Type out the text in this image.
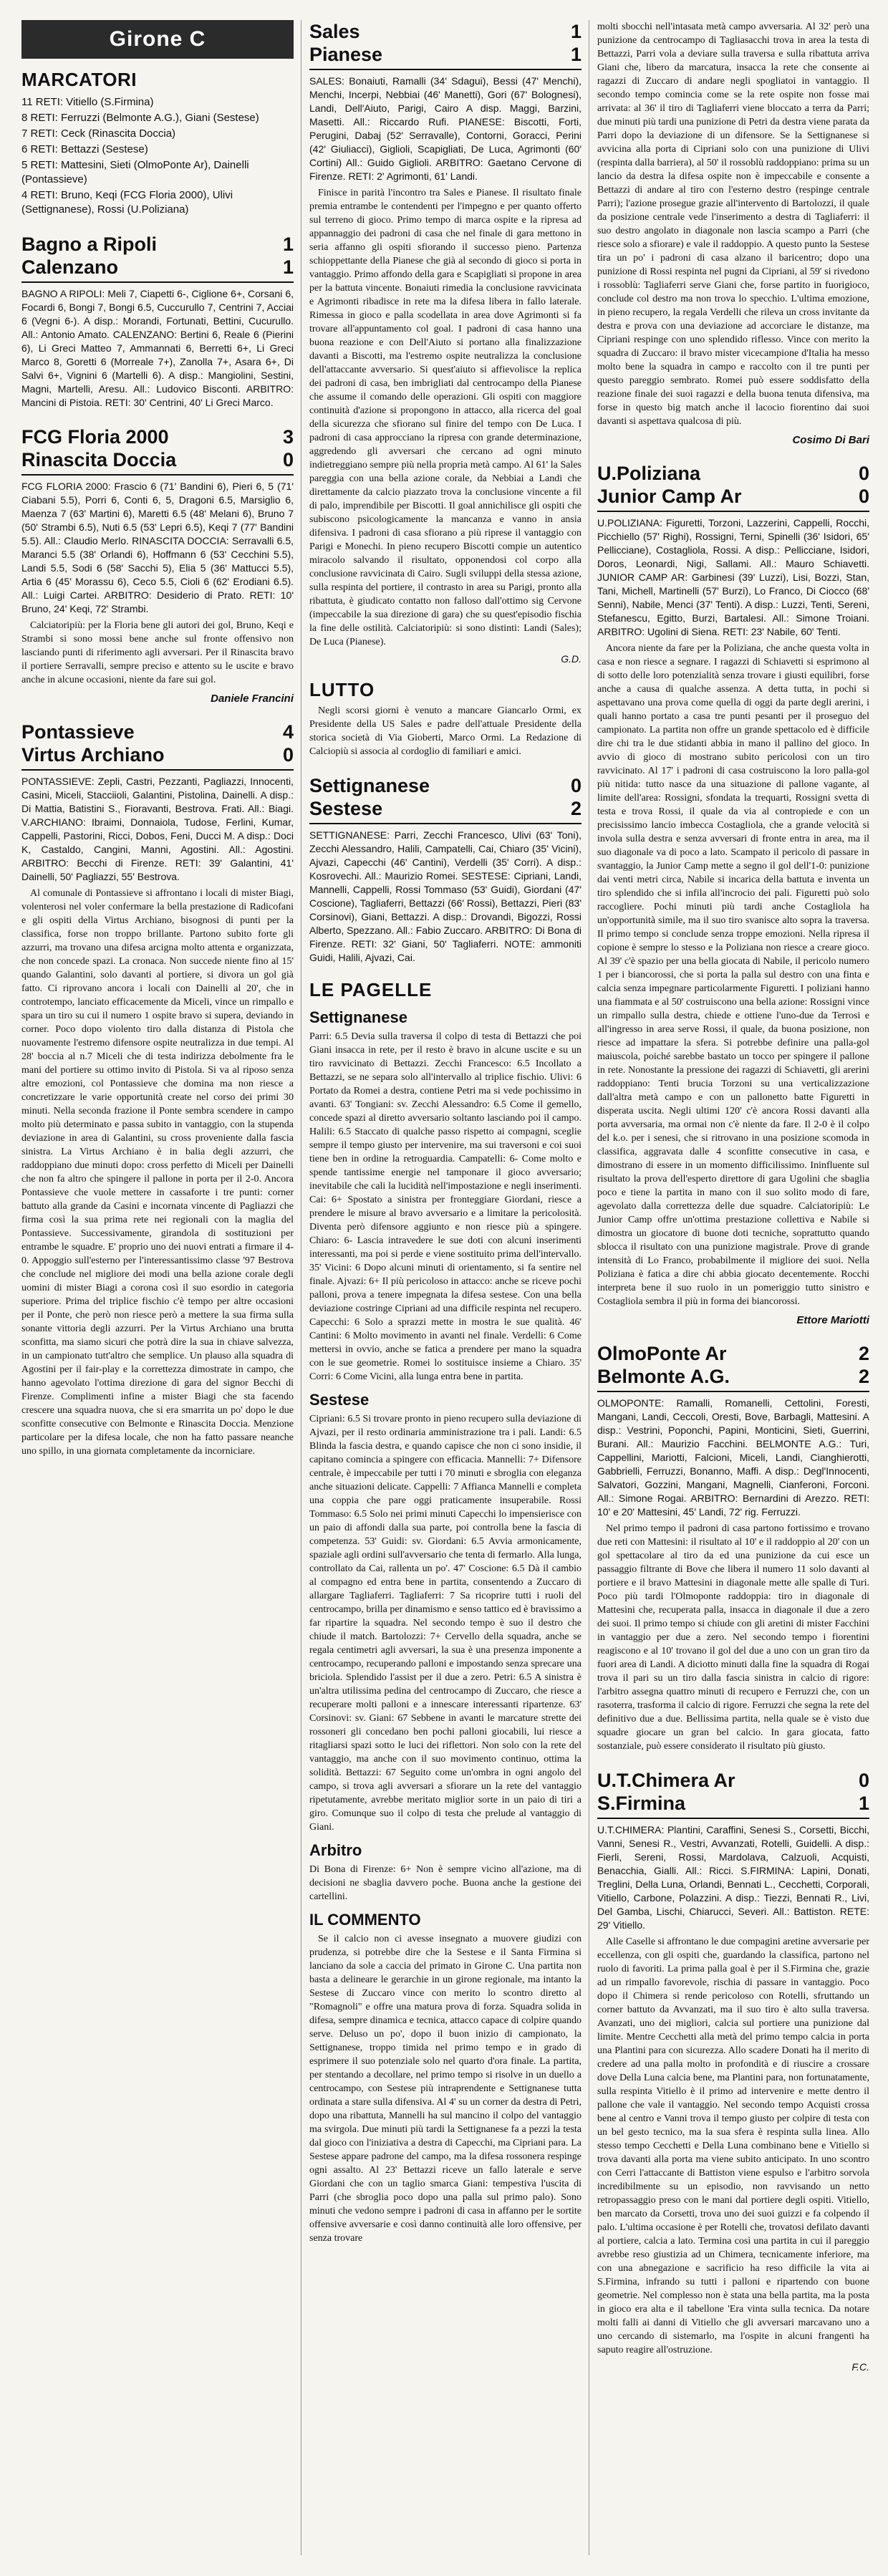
Girone C
MARCATORI
11 RETI: Vitiello (S.Firmina)
8 RETI: Ferruzzi (Belmonte A.G.), Giani (Sestese)
7 RETI: Ceck (Rinascita Doccia)
6 RETI: Bettazzi (Sestese)
5 RETI: Mattesini, Sieti (OlmoPonte Ar), Dainelli (Pontassieve)
4 RETI: Bruno, Keqi (FCG Floria 2000), Ulivi (Settignanese), Rossi (U.Poliziana)
Bagno a Ripoli	1
Calenzano	1
BAGNO A RIPOLI: Meli 7, Ciapetti 6-, Ciglione 6+, Corsani 6, Focardi 6, Bongi 7, Bongi 6.5, Cuccurullo 7, Centrini 7, Acciai 6 (Vegni 6-). A disp.: Morandi, Fortunati, Bettini, Cucurullo. All.: Antonio Amato. CALENZANO: Bertini 6, Reale 6 (Pierini 6), Li Greci Matteo 7, Ammannati 6, Berretti 6+, Li Greci Marco 8, Goretti 6 (Morreale 7+), Zanolla 7+, Asara 6+, Di Salvi 6+, Vignini 6 (Martelli 6). A disp.: Mangiolini, Sestini, Magni, Martelli, Aresu. All.: Ludovico Bisconti. ARBITRO: Mancini di Pistoia. RETI: 30' Centrini, 40' Li Greci Marco.
FCG Floria 2000	3
Rinascita Doccia	0
FCG FLORIA 2000: Frascio 6 (71' Bandini 6), Pieri 6, 5 (71' Ciabani 5.5), Porri 6, Conti 6, 5, Dragoni 6.5, Marsiglio 6, Maenza 7 (63' Martini 6), Maretti 6.5 (48' Melani 6), Bruno 7 (50' Strambi 6.5), Nuti 6.5 (53' Lepri 6.5), Keqi 7 (77' Bandini 5.5). All.: Claudio Merlo. RINASCITA DOCCIA: Serravalli 6.5, Maranci 5.5 (38' Orlandi 6), Hoffmann 6 (53' Cecchini 5.5), Landi 5.5, Sodi 6 (58' Sacchi 5), Elia 5 (36' Mattucci 5.5), Artia 6 (45' Morassu 6), Ceco 5.5, Cioli 6 (62' Erodiani 6.5). All.: Luigi Cartei. ARBITRO: Desiderio di Prato. RETI: 10' Bruno, 24' Keqi, 72' Strambi.

Calciatoripiù: per la Floria bene gli autori dei gol, Bruno, Keqi e Strambi si sono mossi bene anche sul fronte offensivo non lasciando punti di riferimento agli avversari. Per il Rinascita bravo il portiere Serravalli, sempre preciso e attento su le uscite e bravo anche in alcune occasioni, niente da fare sui gol.

Daniele Francini
Pontassieve	4
Virtus Archiano	0
PONTASSIEVE: Zepli, Castri, Pezzanti, Pagliazzi, Innocenti, Casini, Miceli, Stacciioli, Galantini, Pistolina, Dainelli. A disp.: Di Mattia, Batistini S., Fioravanti, Bestrova. Frati. All.: Biagi. V.ARCHIANO: Ibraimi, Donnaiola, Tudose, Ferlini, Kumar, Cappelli, Pastorini, Ricci, Dobos, Feni, Ducci M. A disp.: Doci K, Castaldo, Cangini, Manni, Agostini. All.: Agostini. ARBITRO: Becchi di Firenze. RETI: 39' Galantini, 41' Dainelli, 50' Pagliazzi, 55' Bestrova.

Al comunale di Pontassieve si affrontano i locali di mister Biagi, volenterosi nel voler confermare la bella prestazione di Radicofani e gli ospiti della Virtus Archiano, bisognosi di punti per la classifica, forse non troppo brillante. Partono subito forte gli azzurri, ma trovano una difesa arcigna molto attenta e organizzata, che non concede spazi. La cronaca. Non succede niente fino al 15' quando Galantini, solo davanti al portiere, si divora un gol già fatto. Ci riprovano ancora i locali con Dainelli al 20', che in controtempo, lanciato efficacemente da Miceli, vince un rimpallo e spara un tiro su cui il numero 1 ospite bravo si supera, deviando in corner. Poco dopo violento tiro dalla distanza di Pistola che nuovamente l'estremo difensore ospite neutralizza in due tempi. Al 28' boccia al n.7 Miceli che di testa indirizza debolmente fra le mani del portiere su ottimo invito di Pistola. Si va al riposo senza altre emozioni, col Pontassieve che domina ma non riesce a concretizzare le varie opportunità create nel corso dei primi 30 minuti. Nella seconda frazione il Ponte sembra scendere in campo molto più determinato e passa subito in vantaggio, con la stupenda deviazione in area di Galantini, su cross proveniente dalla fascia sinistra. La Virtus Archiano è in balia degli azzurri, che raddoppiano due minuti dopo: cross perfetto di Miceli per Dainelli che non fa altro che spingere il pallone in porta per il 2-0. Ancora Pontassieve che vuole mettere in cassaforte i tre punti: corner battuto alla grande da Casini e incornata vincente di Pagliazzi che firma così la sua prima rete nei regionali con la maglia del Pontassieve. Successivamente, girandola di sostituzioni per entrambe le squadre. E' proprio uno dei nuovi entrati a firmare il 4-0. Appoggio sull'esterno per l'interessantissimo classe '97 Bestrova che conclude nel migliore dei modi una bella azione corale degli uomini di mister Biagi a corona così il suo esordio in categoria superiore. Prima del triplice fischio c'è tempo per altre occasioni per il Ponte, che però non riesce però a mettere la sua firma sulla sonante vittoria degli azzurri. Per la Virtus Archiano una brutta sconfitta, ma siamo sicuri che potrà dire la sua in chiave salvezza, in un campionato tutt'altro che semplice. Un plauso alla squadra di Agostini per il fair-play e la correttezza dimostrate in campo, che hanno agevolato l'ottima direzione di gara del signor Becchi di Firenze. Complimenti infine a mister Biagi che sta facendo crescere una squadra nuova, che si era smarrita un po' dopo le due sconfitte consecutive con Belmonte e Rinascita Doccia. Menzione particolare per la difesa locale, che non ha fatto passare neanche uno spillo, in una giornata completamente da incorniciare.

Sales	1
Pianese	1
SALES: Bonaiuti, Ramalli (34' Sdagui), Bessi (47' Menchi), Menchi, Incerpi, Nebbiai (46' Manetti), Gori (67' Bolognesi), Landi, Dell'Aiuto, Parigi, Cairo A disp. Maggi, Barzini, Masetti. All.: Riccardo Rufi. PIANESE: Biscotti, Forti, Perugini, Dabaj (52' Serravalle), Contorni, Goracci, Perini (42' Giuliacci), Giglioli, Scapigliati, De Luca, Agrimonti (60' Cortini) All.: Guido Giglioli. ARBITRO: Gaetano Cervone di Firenze. RETI: 2' Agrimonti, 61' Landi.

Finisce in parità l'incontro tra Sales e Pianese. Il risultato finale premia entrambe le contendenti per l'impegno e per quanto offerto sul terreno di gioco. Primo tempo di marca ospite e la ripresa ad appannaggio dei padroni di casa che nel finale di gara mettono in seria affanno gli ospiti sfiorando il successo pieno. Partenza schioppettante della Pianese che già al secondo di gioco si porta in vantaggio. Primo affondo della gara e Scapigliati si propone in area per la battuta vincente. Bonaiuti rimedia la conclusione ravvicinata e Agrimonti ribadisce in rete ma la difesa libera in fallo laterale. Rimessa in gioco e palla scodellata in area dove Agrimonti si fa trovare all'appuntamento col goal. I padroni di casa hanno una buona reazione e con Dell'Aiuto si portano alla finalizzazione davanti a Biscotti, ma l'estremo ospite neutralizza la conclusione dell'attaccante avversario. Si quest'aiuto si affievolisce la replica dei padroni di casa, ben imbrigliati dal centrocampo della Pianese che assume il comando delle operazioni. Gli ospiti con maggiore continuità d'azione si propongono in attacco, alla ricerca del goal della sicurezza che sfiorano sul finire del tempo con De Luca. I padroni di casa approcciano la ripresa con grande determinazione, aggredendo gli avversari che cercano ad ogni minuto indietreggiano sempre più nella propria metà campo. Al 61' la Sales pareggia con una bella azione corale, da Nebbiai a Landi che direttamente da calcio piazzato trova la conclusione vincente a fil di palo, imprendibile per Biscotti. Il goal annichilisce gli ospiti che subiscono psicologicamente la mancanza e vanno in ansia difensiva. I padroni di casa sfiorano a più riprese il vantaggio con Parigi e Monechi. In pieno recupero Biscotti compie un autentico miracolo salvando il risultato, opponendosi col corpo alla conclusione ravvicinata di Cairo. Sugli sviluppi della stessa azione, sulla respinta del portiere, il contrasto in area su Parigi, pronto alla ribattuta, è giudicato contatto non falloso dall'ottimo sig Cervone (impeccabile la sua direzione di gara) che su quest'episodio fischia la fine delle ostilità. Calciatoripiù: si sono distinti: Landi (Sales); De Luca (Pianese).

G.D.
LUTTO

Negli scorsi giorni è venuto a mancare Giancarlo Ormi, ex Presidente della US Sales e padre dell'attuale Presidente della storica società di Via Gioberti, Marco Ormi. La Redazione di Calciopiù si associa al cordoglio di familiari e amici.

Settignanese	0
Sestese	2
SETTIGNANESE: Parri, Zecchi Francesco, Ulivi (63' Toni), Zecchi Alessandro, Halili, Campatelli, Cai, Chiaro (35' Vicini), Ajvazi, Capecchi (46' Cantini), Verdelli (35' Corri). A disp.: Kosrovechi. All.: Maurizio Romei. SESTESE: Cipriani, Landi, Mannelli, Cappelli, Rossi Tommaso (53' Guidi), Giordani (47' Coscione), Tagliaferri, Bettazzi (66' Rossi), Bettazzi, Pieri (83' Corsinovi), Giani, Bettazzi. A disp.: Drovandi, Bigozzi, Rossi Alberto, Spezzano. All.: Fabio Zuccaro. ARBITRO: Di Bona di Firenze. RETI: 32' Giani, 50' Tagliaferri. NOTE: ammoniti Guidi, Halili, Ajvazi, Cai.
LE PAGELLE
Settignanese

Parri: 6.5 Devia sulla traversa il colpo di testa di Bettazzi che poi Giani insacca in rete, per il resto è bravo in alcune uscite e su un tiro ravvicinato di Bettazzi. Zecchi Francesco: 6.5 Incollato a Bettazzi, se ne separa solo all'intervallo al triplice fischio. Ulivi: 6 Portato da Romei a destra, contiene Petri ma si vede pochissimo in avanti. 63' Tongiani: sv. Zecchi Alessandro: 6.5 Come il gemello, concede spazi al diretto avversario soltanto lasciando poi il campo. Halili: 6.5 Staccato di qualche passo rispetto ai compagni, sceglie sempre il tempo giusto per intervenire, ma sui traversoni e coi suoi tiene ben in ordine la retroguardia. Campatelli: 6- Come molto e spende tantissime energie nel tamponare il gioco avversario; inevitabile che cali la lucidità nell'impostazione e negli inserimenti. Cai: 6+ Spostato a sinistra per fronteggiare Giordani, riesce a prendere le misure al bravo avversario e a limitare la pericolosità. Diventa però difensore aggiunto e non riesce più a spingere. Chiaro: 6- Lascia intravedere le sue doti con alcuni inserimenti interessanti, ma poi si perde e viene sostituito prima dell'intervallo. 35' Vicini: 6 Dopo alcuni minuti di orientamento, si fa sentire nel finale. Ajvazi: 6+ Il più pericoloso in attacco: anche se riceve pochi palloni, prova a tenere impegnata la difesa sestese. Con una bella deviazione costringe Cipriani ad una difficile respinta nel recupero. Capecchi: 6 Solo a sprazzi mette in mostra le sue qualità. 46' Cantini: 6 Molto movimento in avanti nel finale. Verdelli: 6 Come mettersi in ovvio, anche se fatica a prendere per mano la squadra con le sue geometrie. Romei lo sostituisce insieme a Chiaro. 35' Corri: 6 Come Vicini, alla lunga entra bene in partita.

Sestese

Cipriani: 6.5 Si trovare pronto in pieno recupero sulla deviazione di Ajvazi, per il resto ordinaria amministrazione tra i pali. Landi: 6.5 Blinda la fascia destra, e quando capisce che non ci sono insidie, il capitano comincia a spingere con efficacia. Mannelli: 7+ Difensore centrale, è impeccabile per tutti i 70 minuti e sbroglia con eleganza anche situazioni delicate. Cappelli: 7 Affianca Mannelli e completa una coppia che pare oggi praticamente insuperabile. Rossi Tommaso: 6.5 Solo nei primi minuti Capecchi lo impensierisce con un paio di affondi dalla sua parte, poi controlla bene la fascia di competenza. 53' Guidi: sv. Giordani: 6.5 Avvia armonicamente, spaziale agli ordini sull'avversario che tenta di fermarlo. Alla lunga, controllato da Cai, rallenta un po'. 47' Coscione: 6.5 Dà il cambio al compagno ed entra bene in partita, consentendo a Zuccaro di allargare Tagliaferri. Tagliaferri: 7 Sa ricoprire tutti i ruoli del centrocampo, brilla per dinamismo e senso tattico ed è bravissimo a far ripartire la squadra. Nel secondo tempo è suo il destro che chiude il match. Bartolozzi: 7+ Cervello della squadra, anche se regala centimetri agli avversari, la sua è una presenza imponente a centrocampo, recuperando palloni e impostando senza sprecare una briciola. Splendido l'assist per il due a zero. Petri: 6.5 A sinistra è un'altra utilissima pedina del centrocampo di Zuccaro, che riesce a recuperare molti palloni e a innescare interessanti ripartenze. 63' Corsinovi: sv. Giani: 67 Sebbene in avanti le marcature strette dei rossoneri gli concedano ben pochi palloni giocabili, lui riesce a ritagliarsi spazi sotto le luci dei riflettori. Non solo con la rete del vantaggio, ma anche con il suo movimento continuo, ottima la solidità. Bettazzi: 67 Seguito come un'ombra in ogni angolo del campo, si trova agli avversari a sfiorare un la rete del vantaggio ripetutamente, avrebbe meritato miglior sorte in un paio di tiri a giro. Comunque suo il colpo di testa che prelude al vantaggio di Giani.

Arbitro

Di Bona di Firenze: 6+ Non è sempre vicino all'azione, ma di decisioni ne sbaglia davvero poche. Buona anche la gestione dei cartellini.

IL COMMENTO

Se il calcio non ci avesse insegnato a muovere giudizi con prudenza, si potrebbe dire che la Sestese e il Santa Firmina si lanciano da sole a caccia del primato in Girone C. Una partita non basta a delineare le gerarchie in un girone regionale, ma intanto la Sestese di Zuccaro vince con merito lo scontro diretto al "Romagnoli" e offre una matura prova di forza. Squadra solida in difesa, sempre dinamica e tecnica, attacco capace di colpire quando serve. Deluso un po', dopo il buon inizio di campionato, la Settignanese, troppo timida nel primo tempo e in grado di esprimere il suo potenziale solo nel quarto d'ora finale. La partita, per stentando a decollare, nel primo tempo si risolve in un duello a centrocampo, con Sestese più intraprendente e Settignanese tutta ordinata a stare sulla difensiva. Al 4' su un corner da destra di Petri, dopo una ribattuta, Mannelli ha sul mancino il colpo del vantaggio ma svirgola. Due minuti più tardi la Settignanese fa a pezzi la testa dal gioco con l'iniziativa a destra di Capecchi, ma Cipriani para. La Sestese appare padrone del campo, ma la difesa rossonera respinge ogni assalto. Al 23' Bettazzi riceve un fallo laterale e serve Giordani che con un taglio smarca Giani: tempestiva l'uscita di Parri (che sbroglia poco dopo una palla sul primo palo). Sono minuti che vedono sempre i padroni di casa in affanno per le sortite offensive avversarie e così danno continuità alle loro offensive, per senza trovare

molti sbocchi nell'intasata metà campo avversaria. Al 32' però una punizione da centrocampo di Tagliasacchi trova in area la testa di Bettazzi, Parri vola a deviare sulla traversa e sulla ribattuta arriva Giani che, libero da marcatura, insacca la rete che consente ai ragazzi di Zuccaro di andare negli spogliatoi in vantaggio. Il secondo tempo comincia come se la rete ospite non fosse mai arrivata: al 36' il tiro di Tagliaferri viene bloccato a terra da Parri; due minuti più tardi una punizione di Petri da destra viene parata da Parri dopo la deviazione di un difensore. Se la Settignanese si avvicina alla porta di Cipriani solo con una punizione di Ulivi (respinta dalla barriera), al 50' il rossoblù raddoppiano: prima su un lancio da destra la difesa ospite non è impeccabile e consente a Bettazzi di andare al tiro con l'esterno destro (respinge centrale Parri); l'azione prosegue grazie all'intervento di Bartolozzi, il quale da posizione centrale vede l'inserimento a destra di Tagliaferri: il suo destro angolato in diagonale non lascia scampo a Parri (che riesce solo a sfiorare) e vale il raddoppio. A questo punto la Sestese tira un po' i padroni di casa alzano il baricentro; dopo una punizione di Rossi respinta nel pugni da Cipriani, al 59' si rivedono i rossoblù: Tagliaferri serve Giani che, forse partito in fuorigioco, conclude col destro ma non trova lo specchio. L'ultima emozione, in pieno recupero, la regala Verdelli che rileva un cross invitante da destra e prova con una deviazione ad accorciare le distanze, ma Cipriani respinge con uno splendido riflesso. Vince con merito la squadra di Zuccaro: il bravo mister vicecampione d'Italia ha messo molto bene la squadra in campo e raccolto con il tre punti per questo pareggio sembrato. Romei può essere soddisfatto della reazione finale dei suoi ragazzi e della buona tenuta difensiva, ma forse in questo big match anche il lacocio fiorentino dai suoi davanti si aspettava qualcosa di più.

Cosimo Di Bari
U.Poliziana	0
Junior Camp Ar	0
U.POLIZIANA: Figuretti, Torzoni, Lazzerini, Cappelli, Rocchi, Picchiello (57' Righi), Rossigni, Terni, Spinelli (36' Isidori, 65' Pellicciane), Costagliola, Rossi. A disp.: Pellicciane, Isidori, Doros, Leonardi, Nigi, Sallami. All.: Mauro Schiavetti. JUNIOR CAMP AR: Garbinesi (39' Luzzi), Lisi, Bozzi, Stan, Tani, Michell, Martinelli (57' Burzi), Lo Franco, Di Ciocco (68' Senni), Nabile, Menci (37' Tenti). A disp.: Luzzi, Tenti, Sereni, Stefanescu, Egitto, Burzi, Bartalesi. All.: Simone Troiani. ARBITRO: Ugolini di Siena. RETI: 23' Nabile, 60' Tenti.

Ancora niente da fare per la Poliziana, che anche questa volta in casa e non riesce a segnare. I ragazzi di Schiavetti si esprimono al di sotto delle loro potenzialità senza trovare i giusti equilibri, forse anche a causa di qualche assenza. A detta tutta, in pochi si aspettavano una prova come quella di oggi da parte degli arerini, i quali hanno portato a casa tre punti pesanti per il proseguo del campionato. La partita non offre un grande spettacolo ed è difficile dire chi tra le due stidanti abbia in mano il pallino del gioco. In avvio di gioco di mostrano subito pericolosi con un tiro ravvicinato. Al 17' i padroni di casa costruiscono la loro palla-gol più nitida: tutto nasce da una situazione di pallone vagante, al limite dell'area: Rossigni, sfondata la trequarti, Rossigni svetta di testa e trova Rossi, il quale da via al contropiede e con un precisissimo lancio imbecca Costagliola, che a grande velocità si invola sulla destra e senza avversari di fronte entra in area, ma il suo diagonale va di poco a lato. Scampato il pericolo di passare in svantaggio, la Junior Camp mette a segno il gol dell'1-0: punizione dai venti metri circa, Nabile si incarica della battuta e inventa un tiro splendido che si infila all'incrocio dei pali. Figuretti può solo raccogliere. Pochi minuti più tardi anche Costagliola ha un'opportunità simile, ma il suo tiro svanisce alto sopra la traversa. Il primo tempo si conclude senza troppe emozioni. Nella ripresa il copione è sempre lo stesso e la Poliziana non riesce a creare gioco. Al 39' c'è spazio per una bella giocata di Nabile, il pericolo numero 1 per i biancorossi, che si porta la palla sul destro con una finta e calcia senza impegnare particolarmente Figuretti. I poliziani hanno una fiammata e al 50' costruiscono una bella azione: Rossigni vince un rimpallo sulla destra, chiede e ottiene l'uno-due da Terrosi e all'ingresso in area serve Rossi, il quale, da buona posizione, non riesce ad impattare la sfera. Si potrebbe definire una palla-gol maiuscola, poiché sarebbe bastato un tocco per spingere il pallone in rete. Nonostante la pressione dei ragazzi di Schiavetti, gli arerini raddoppiano: Tenti brucia Torzoni su una verticalizzazione dall'altra metà campo e con un pallonetto batte Figuretti in disperata uscita. Negli ultimi 120' c'è ancora Rossi davanti alla porta avversaria, ma ormai non c'è niente da fare. Il 2-0 è il colpo del k.o. per i senesi, che si ritrovano in una posizione scomoda in classifica, aggravata dalle 4 sconfitte consecutive in casa, e dimostrano di essere in un momento difficilissimo. Ininfluente sul risultato la prova dell'esperto direttore di gara Ugolini che sbaglia poco e tiene la partita in mano con il suo solito modo di fare, agevolato dalla correttezza delle due squadre. Calciatoripiù: Le Junior Camp offre un'ottima prestazione collettiva e Nabile si dimostra un giocatore di buone doti tecniche, soprattutto quando sblocca il risultato con una punizione magistrale. Prove di grande intensità di Lo Franco, probabilmente il migliore dei suoi. Nella Poliziana è fatica a dire chi abbia giocato decentemente. Rocchi interpreta bene il suo ruolo in un pomeriggio tutto sinistro e Costagliola sembra il più in forma dei biancorossi.

Ettore Mariotti
OlmoPonte Ar	2
Belmonte A.G.	2
OLMOPONTE: Ramalli, Romanelli, Cettolini, Foresti, Mangani, Landi, Ceccoli, Oresti, Bove, Barbagli, Mattesini. A disp.: Vestrini, Poponchi, Papini, Monticini, Sieti, Guerrini, Burani. All.: Maurizio Facchini. BELMONTE A.G.: Turi, Cappellini, Mariotti, Falcioni, Miceli, Landi, Cianghierotti, Gabbrielli, Ferruzzi, Bonanno, Maffi. A disp.: Degl'Innocenti, Salvatori, Gozzini, Mangani, Magnelli, Cianferoni, Forconi. All.: Simone Rogai. ARBITRO: Bernardini di Arezzo. RETI: 10' e 20' Mattesini, 45' Landi, 72' rig. Ferruzzi.

Nel primo tempo il padroni di casa partono fortissimo e trovano due reti con Mattesini: il risultato al 10' e il raddoppio al 20' con un gol spettacolare al tiro da ed una punizione da cui esce un passaggio filtrante di Bove che libera il numero 11 solo davanti al portiere e il bravo Mattesini in diagonale mette alle spalle di Turi. Poco più tardi l'Olmoponte raddoppia: tiro in diagonale di Mattesini che, recuperata palla, insacca in diagonale il due a zero dei suoi. Il primo tempo si chiude con gli aretini di mister Facchini in vantaggio per due a zero. Nel secondo tempo i fiorentini reagiscono e al 10' trovano il gol del due a uno con un gran tiro da fuori area di Landi. A diciotto minuti dalla fine la squadra di Rogai trova il pari su un tiro dalla fascia sinistra in calcio di rigore: l'arbitro assegna quattro minuti di recupero e Ferruzzi che, con un rasoterra, trasforma il calcio di rigore. Ferruzzi che segna la rete del definitivo due a due. Bellissima partita, nella quale se è visto due squadre giocare un gran bel calcio. In gara giocata, fatto sostanziale, può essere considerato il risultato più giusto.

U.T.Chimera Ar	0
S.Firmina	1
U.T.CHIMERA: Plantini, Caraffini, Senesi S., Corsetti, Bicchi, Vanni, Senesi R., Vestri, Avvanzati, Rotelli, Guidelli. A disp.: Fierli, Sereni, Rossi, Mardolava, Calzuoli, Acquisti, Benacchia, Gialli. All.: Ricci. S.FIRMINA: Lapini, Donati, Treglini, Della Luna, Orlandi, Bennati L., Cecchetti, Corporali, Vitiello, Carbone, Polazzini. A disp.: Tiezzi, Bennati R., Livi, Del Gamba, Lischi, Chiarucci, Severi. All.: Battiston. RETE: 29' Vitiello.

Alle Caselle si affrontano le due compagini aretine avversarie per eccellenza, con gli ospiti che, guardando la classifica, partono nel ruolo di favoriti. La prima palla goal è per il S.Firmina che, grazie ad un rimpallo favorevole, rischia di passare in vantaggio. Poco dopo il Chimera si rende pericoloso con Rotelli, sfruttando un corner battuto da Avvanzati, ma il suo tiro è alto sulla traversa. Avanzati, uno dei migliori, calcia sul portiere una punizione dal limite. Mentre Cecchetti alla metà del primo tempo calcia in porta una Plantini para con sicurezza. Allo scadere Donati ha il merito di credere ad una palla molto in profondità e di riuscire a crossare dove Della Luna calcia bene, ma Plantini para, non fortunatamente, sulla respinta Vitiello è il primo ad intervenire e mette dentro il pallone che vale il vantaggio. Nel secondo tempo Acquisti crossa bene al centro e Vanni trova il tempo giusto per colpire di testa con un bel gesto tecnico, ma la sua sfera è respinta sulla linea. Allo stesso tempo Cecchetti e Della Luna combinano bene e Vitiello si trova davanti alla porta ma viene subito anticipato. In uno scontro con Cerri l'attaccante di Battiston viene espulso e l'arbitro sorvola incredibilmente su un episodio, non ravvisando un netto retropassaggio preso con le mani dal portiere degli ospiti. Vitiello, ben marcato da Corsetti, trova uno dei suoi guizzi e fa colpendo il palo. L'ultima occasione è per Rotelli che, trovatosi defilato davanti al portiere, calcia a lato. Termina così una partita in cui il pareggio avrebbe reso giustizia ad un Chimera, tecnicamente inferiore, ma con una abnegazione e sacrificio ha reso difficile la vita ai S.Firmina, infrando su tutti i palloni e ripartendo con buone geometrie. Nel complesso non è stata una bella partita, ma la posta in gioco era alta e il tabellone 'Era vinta sulla tecnica. Da notare molti falli ai danni di Vitiello che gli avversari marcavano uno a uno cercando di sistemarlo, ma l'ospite in alcuni frangenti ha saputo reagire all'ostruzione.

F.C.
